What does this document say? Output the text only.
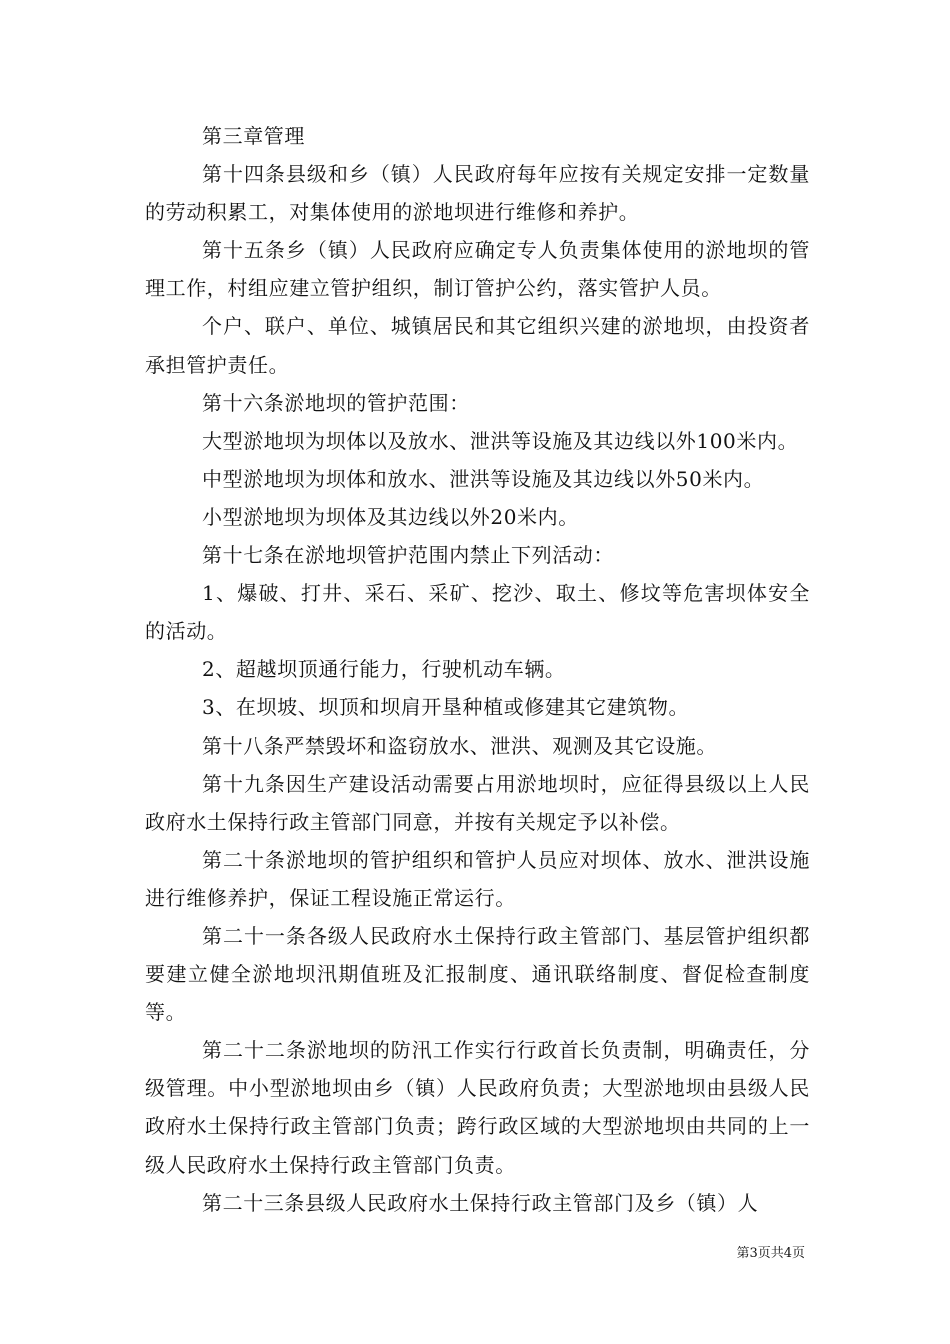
第三章管理

第十四条县级和乡（镇）人民政府每年应按有关规定安排一定数量的劳动积累工，对集体使用的淤地坝进行维修和养护。

第十五条乡（镇）人民政府应确定专人负责集体使用的淤地坝的管理工作，村组应建立管护组织，制订管护公约，落实管护人员。

个户、联户、单位、城镇居民和其它组织兴建的淤地坝，由投资者承担管护责任。

第十六条淤地坝的管护范围：

大型淤地坝为坝体以及放水、泄洪等设施及其边线以外100米内。

中型淤地坝为坝体和放水、泄洪等设施及其边线以外50米内。

小型淤地坝为坝体及其边线以外20米内。

第十七条在淤地坝管护范围内禁止下列活动：

1、爆破、打井、采石、采矿、挖沙、取土、修坟等危害坝体安全的活动。

2、超越坝顶通行能力，行驶机动车辆。

3、在坝坡、坝顶和坝肩开垦种植或修建其它建筑物。

第十八条严禁毁坏和盗窃放水、泄洪、观测及其它设施。

第十九条因生产建设活动需要占用淤地坝时，应征得县级以上人民政府水土保持行政主管部门同意，并按有关规定予以补偿。

第二十条淤地坝的管护组织和管护人员应对坝体、放水、泄洪设施进行维修养护，保证工程设施正常运行。

第二十一条各级人民政府水土保持行政主管部门、基层管护组织都要建立健全淤地坝汛期值班及汇报制度、通讯联络制度、督促检查制度等。

第二十二条淤地坝的防汛工作实行行政首长负责制，明确责任，分级管理。中小型淤地坝由乡（镇）人民政府负责；大型淤地坝由县级人民政府水土保持行政主管部门负责；跨行政区域的大型淤地坝由共同的上一级人民政府水土保持行政主管部门负责。

第二十三条县级人民政府水土保持行政主管部门及乡（镇）人

第3页共4页
